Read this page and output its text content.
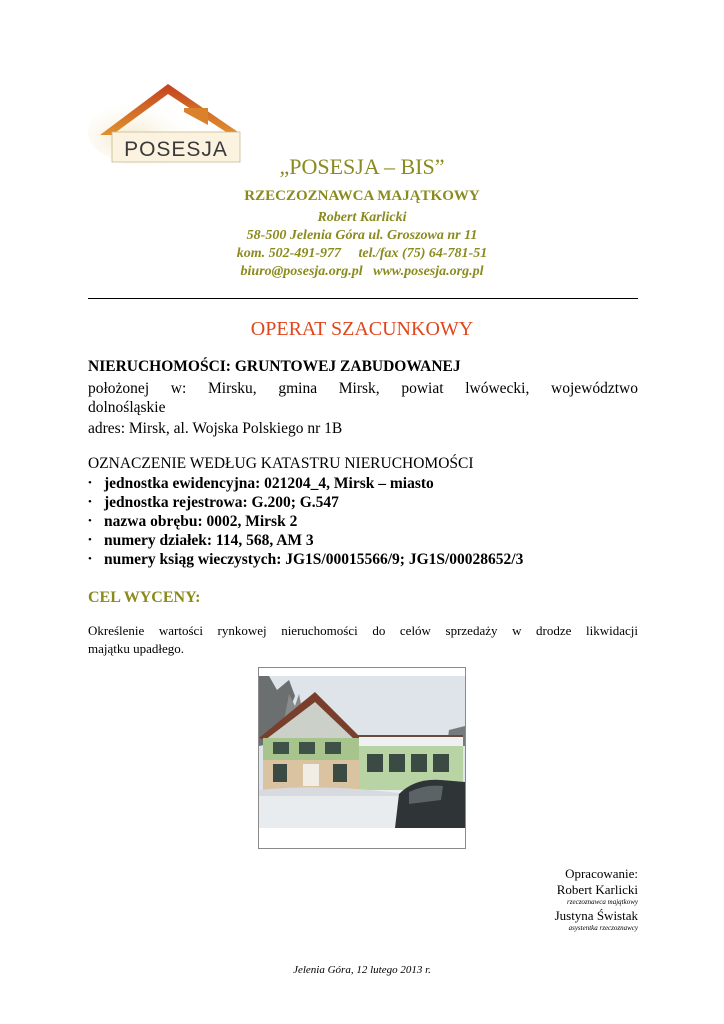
POSESJA
„POSESJA – BIS”
RZECZOZNAWCA MAJĄTKOWY
Robert Karlicki
58-500 Jelenia Góra ul. Groszowa nr 11
kom. 502-491-977     tel./fax (75) 64-781-51
biuro@posesja.org.pl   www.posesja.org.pl
OPERAT SZACUNKOWY
NIERUCHOMOŚCI: GRUNTOWEJ ZABUDOWANEJ
położonej w: Mirsku, gmina Mirsk, powiat lwówecki, województwo
dolnośląskie
adres: Mirsk, al. Wojska Polskiego nr 1B
OZNACZENIE WEDŁUG KATASTRU NIERUCHOMOŚCI
• jednostka ewidencyjna: 021204_4, Mirsk – miasto
• jednostka rejestrowa: G.200; G.547
• nazwa obrębu: 0002, Mirsk 2
• numery działek: 114, 568, AM 3
• numery ksiąg wieczystych: JG1S/00015566/9; JG1S/00028652/3
CEL WYCENY:
Określenie wartości rynkowej nieruchomości do celów sprzedaży w drodze likwidacji
majątku upadłego.
Opracowanie:
Robert Karlicki
rzeczoznawca majątkowy
Justyna Świstak
asystentka rzeczoznawcy
Jelenia Góra, 12 lutego 2013 r.
